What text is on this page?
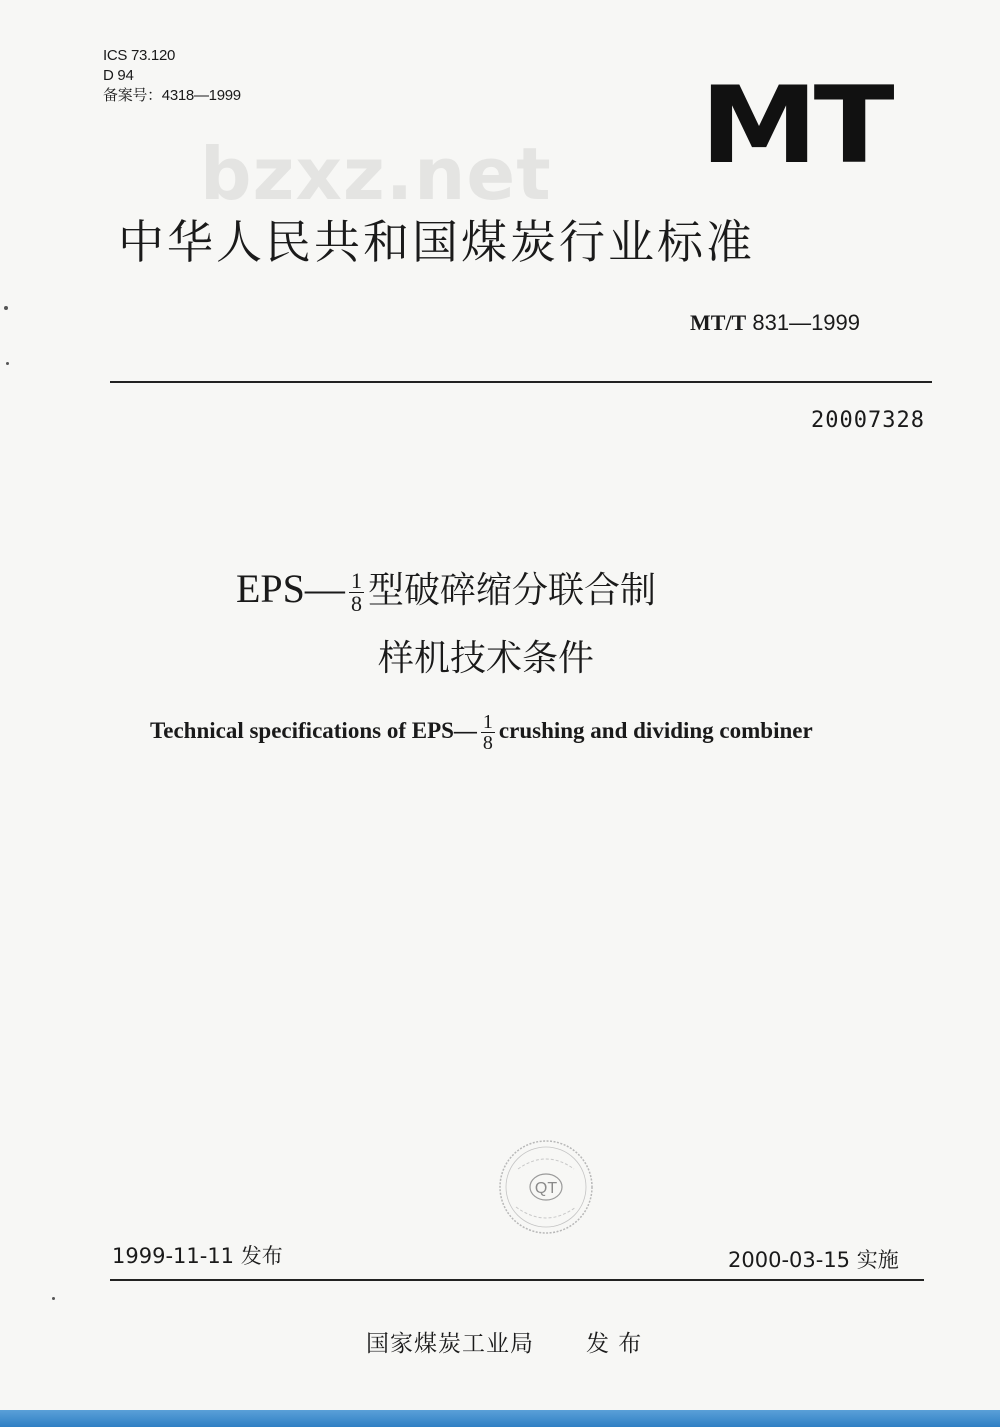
ICS 73.120
D 94
备案号：4318—1999	MT
bzxz.net
中华人民共和国煤炭行业标准
MT/T 831—1999
20007328
EPS— $\frac{1}{8}$ 型破碎缩分联合制
样机技术条件
Technical specifications of EPS— $\frac{1}{8}$ crushing and dividing combiner
QT
1999-11-11 发布	2000-03-15 实施
国家煤炭工业局 发 布
